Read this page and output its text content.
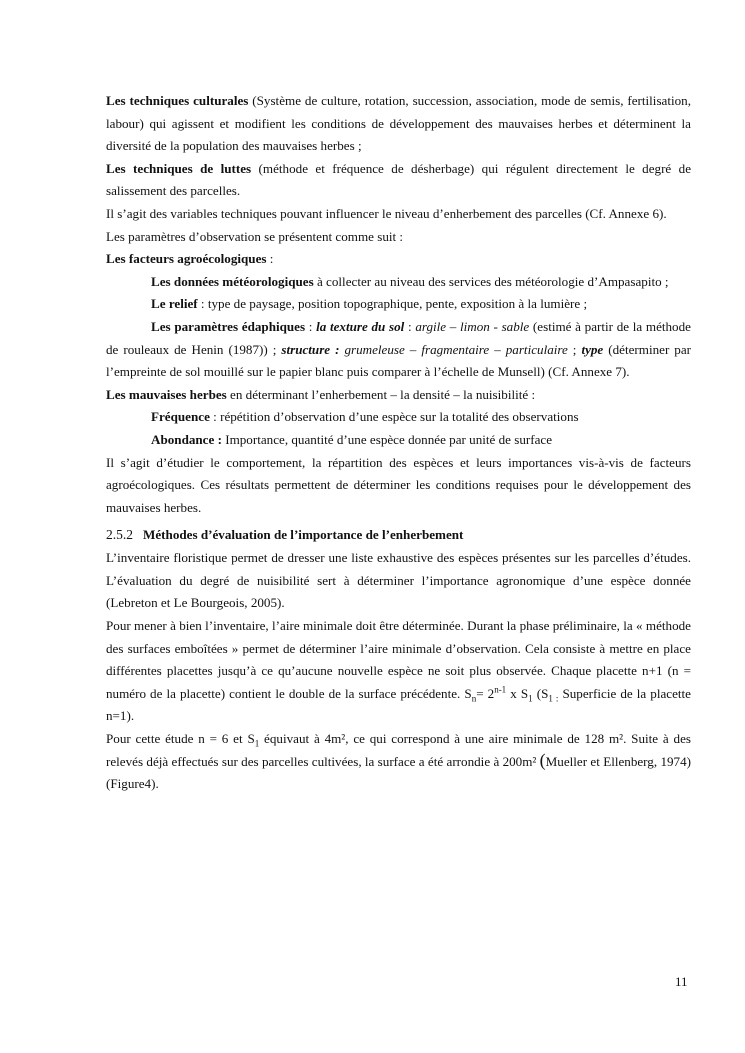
Les techniques culturales (Système de culture, rotation, succession, association, mode de semis, fertilisation, labour) qui agissent et modifient les conditions de développement des mauvaises herbes et déterminent la diversité de la population des mauvaises herbes ;

Les techniques de luttes (méthode et fréquence de désherbage) qui régulent directement le degré de salissement des parcelles.

Il s’agit des variables techniques pouvant influencer le niveau d’enherbement des parcelles (Cf. Annexe 6).

Les paramètres d’observation se présentent comme suit :

Les facteurs agroécologiques :

Les données météorologiques à collecter au niveau des services des météorologie d’Ampasapito ;

Le relief : type de paysage, position topographique, pente, exposition à la lumière ;

Les paramètres édaphiques : la texture du sol : argile – limon - sable (estimé à partir de la méthode de rouleaux de Henin (1987)) ; structure : grumeleuse – fragmentaire – particulaire ; type (déterminer par l’empreinte de sol mouillé sur le papier blanc puis comparer à l’échelle de Munsell) (Cf. Annexe 7).

Les mauvaises herbes en déterminant l’enherbement – la densité – la nuisibilité :

Fréquence : répétition d’observation d’une espèce sur la totalité des observations

Abondance : Importance, quantité d’une espèce donnée par unité de surface

Il s’agit d’étudier le comportement, la répartition des espèces et leurs importances vis-à-vis de facteurs agroécologiques. Ces résultats permettent de déterminer les conditions requises pour le développement des mauvaises herbes.

2.5.2 Méthodes d’évaluation de l’importance de l’enherbement

L’inventaire floristique permet de dresser une liste exhaustive des espèces présentes sur les parcelles d’études. L’évaluation du degré de nuisibilité sert à déterminer l’importance agronomique d’une espèce donnée (Lebreton et Le Bourgeois, 2005).

Pour mener à bien l’inventaire, l’aire minimale doit être déterminée. Durant la phase préliminaire, la « méthode des surfaces emboîtées » permet de déterminer l’aire minimale d’observation. Cela consiste à mettre en place différentes placettes jusqu’à ce qu’aucune nouvelle espèce ne soit plus observée. Chaque placette n+1 (n = numéro de la placette) contient le double de la surface précédente. $S_n= 2^{n-1}$ x $S_1$ ($S_{1 :}$ Superficie de la placette n=1).

Pour cette étude n = 6 et $S_1$ équivaut à 4m², ce qui correspond à une aire minimale de 128 m². Suite à des relevés déjà effectués sur des parcelles cultivées, la surface a été arrondie à 200m² (Mueller et Ellenberg, 1974) (Figure4).

11
